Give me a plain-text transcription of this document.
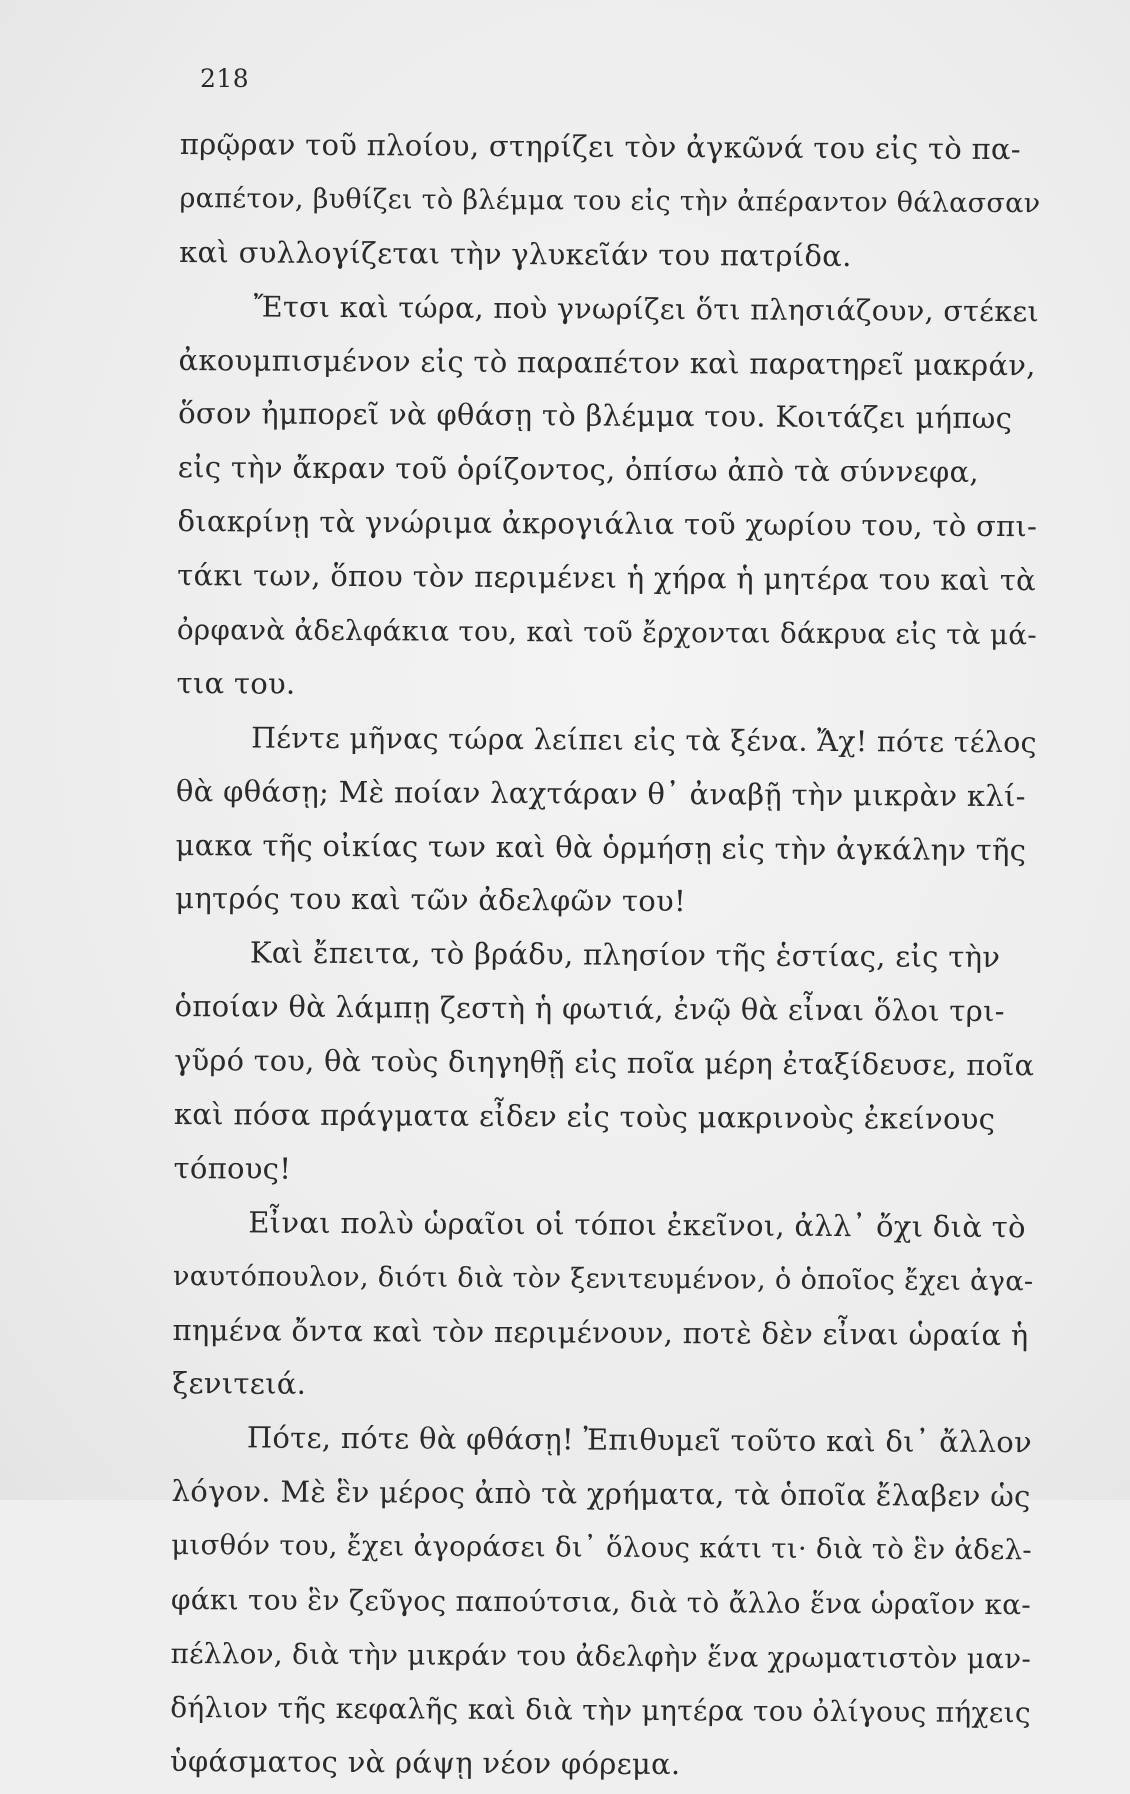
218
πρῷραν τοῦ πλοίου, στηρίζει τὸν ἀγκῶνά του εἰς τὸ πα-
ραπέτον, βυθίζει τὸ βλέμμα του εἰς τὴν ἀπέραντον θάλασσαν
καὶ συλλογίζεται τὴν γλυκεῖάν του πατρίδα.
Ἔτσι καὶ τώρα, ποὺ γνωρίζει ὅτι πλησιάζουν, στέκει
ἀκουμπισμένον εἰς τὸ παραπέτον καὶ παρατηρεῖ μακράν,
ὅσον ἠμπορεῖ νὰ φθάσῃ τὸ βλέμμα του. Κοιτάζει μήπως
εἰς τὴν ἄκραν τοῦ ὁρίζοντος, ὀπίσω ἀπὸ τὰ σύννεφα,
διακρίνῃ τὰ γνώριμα ἀκρογιάλια τοῦ χωρίου του, τὸ σπι-
τάκι των, ὅπου τὸν περιμένει ἡ χήρα ἡ μητέρα του καὶ τὰ
ὀρφανὰ ἀδελφάκια του, καὶ τοῦ ἔρχονται δάκρυα εἰς τὰ μά-
τια του.
Πέντε μῆνας τώρα λείπει εἰς τὰ ξένα. Ἄχ! πότε τέλος
θὰ φθάσῃ; Μὲ ποίαν λαχτάραν θ᾽ ἀναβῇ τὴν μικρὰν κλί-
μακα τῆς οἰκίας των καὶ θὰ ὁρμήσῃ εἰς τὴν ἀγκάλην τῆς
μητρός του καὶ τῶν ἀδελφῶν του!
Καὶ ἔπειτα, τὸ βράδυ, πλησίον τῆς ἑστίας, εἰς τὴν
ὁποίαν θὰ λάμπῃ ζεστὴ ἡ φωτιά, ἐνῷ θὰ εἶναι ὅλοι τρι-
γῦρό του, θὰ τοὺς διηγηθῇ εἰς ποῖα μέρη ἐταξίδευσε, ποῖα
καὶ πόσα πράγματα εἶδεν εἰς τοὺς μακρινοὺς ἐκείνους
τόπους!
Εἶναι πολὺ ὡραῖοι οἱ τόποι ἐκεῖνοι, ἀλλ᾽ ὄχι διὰ τὸ
ναυτόπουλον, διότι διὰ τὸν ξενιτευμένον, ὁ ὁποῖος ἔχει ἀγα-
πημένα ὄντα καὶ τὸν περιμένουν, ποτὲ δὲν εἶναι ὡραία ἡ
ξενιτειά.
Πότε, πότε θὰ φθάσῃ! Ἐπιθυμεῖ τοῦτο καὶ δι᾽ ἄλλον
λόγον. Μὲ ἓν μέρος ἀπὸ τὰ χρήματα, τὰ ὁποῖα ἔλαβεν ὡς
μισθόν του, ἔχει ἀγοράσει δι᾽ ὅλους κάτι τι· διὰ τὸ ἓν ἀδελ-
φάκι του ἓν ζεῦγος παπούτσια, διὰ τὸ ἄλλο ἕνα ὡραῖον κα-
πέλλον, διὰ τὴν μικράν του ἀδελφὴν ἕνα χρωματιστὸν μαν-
δήλιον τῆς κεφαλῆς καὶ διὰ τὴν μητέρα του ὀλίγους πήχεις
ὑφάσματος νὰ ράψῃ νέον φόρεμα.
